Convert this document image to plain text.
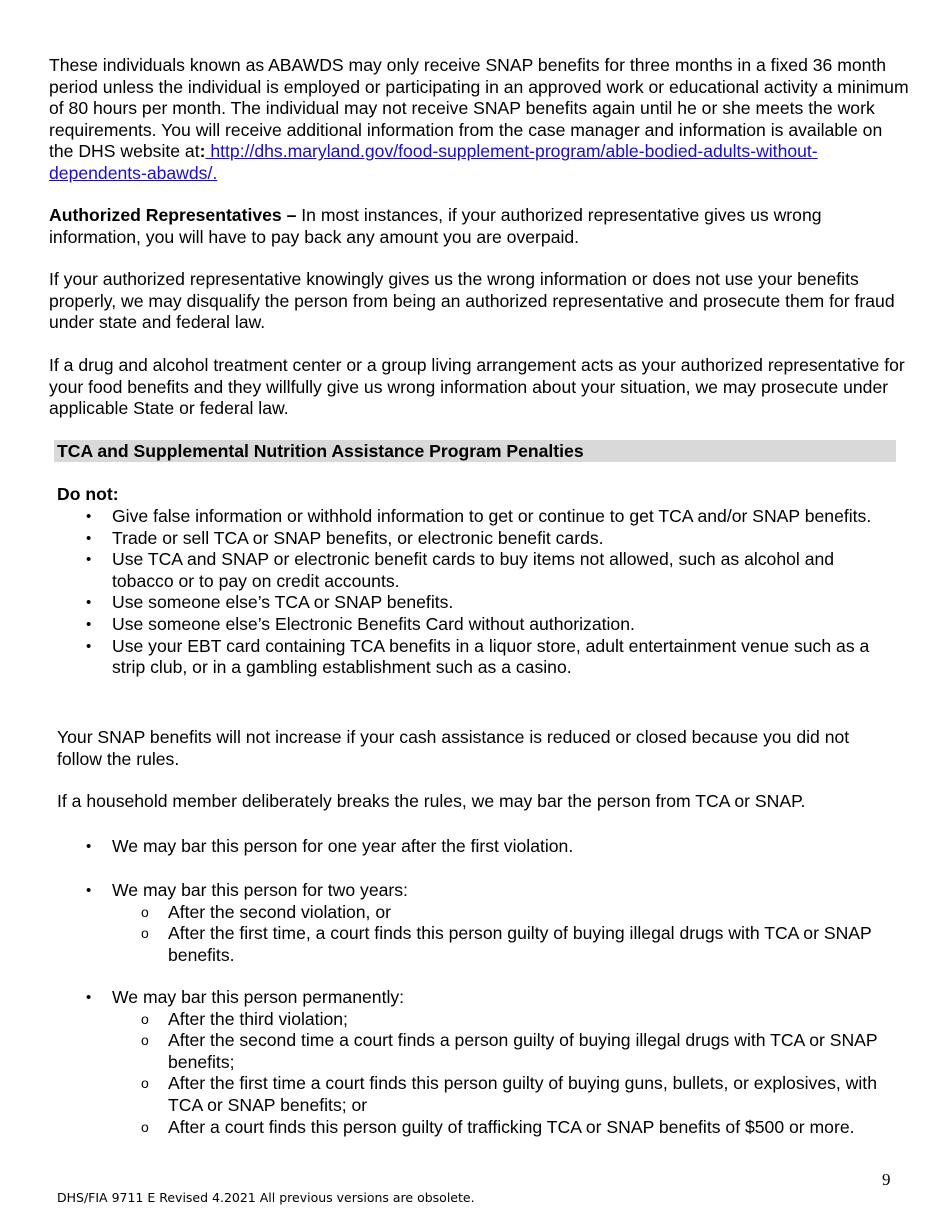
These individuals known as ABAWDS may only receive SNAP benefits for three months in a fixed 36 month period unless the individual is employed or participating in an approved work or educational activity a minimum of 80 hours per month. The individual may not receive SNAP benefits again until he or she meets the work requirements. You will receive additional information from the case manager and information is available on the DHS website at: http://dhs.maryland.gov/food-supplement-program/able-bodied-adults-without-dependents-abawds/.

Authorized Representatives – In most instances, if your authorized representative gives us wrong information, you will have to pay back any amount you are overpaid.

If your authorized representative knowingly gives us the wrong information or does not use your benefits properly, we may disqualify the person from being an authorized representative and prosecute them for fraud under state and federal law.

If a drug and alcohol treatment center or a group living arrangement acts as your authorized representative for your food benefits and they willfully give us wrong information about your situation, we may prosecute under applicable State or federal law.

TCA and Supplemental Nutrition Assistance Program Penalties
Do not:
• Give false information or withhold information to get or continue to get TCA and/or SNAP benefits.
• Trade or sell TCA or SNAP benefits, or electronic benefit cards.
• Use TCA and SNAP or electronic benefit cards to buy items not allowed, such as alcohol and tobacco or to pay on credit accounts.
• Use someone else’s TCA or SNAP benefits.
• Use someone else’s Electronic Benefits Card without authorization.
• Use your EBT card containing TCA benefits in a liquor store, adult entertainment venue such as a strip club, or in a gambling establishment such as a casino.

Your SNAP benefits will not increase if your cash assistance is reduced or closed because you did not follow the rules.

If a household member deliberately breaks the rules, we may bar the person from TCA or SNAP.

• We may bar this person for one year after the first violation.
• We may bar this person for two years:
o After the second violation, or
o After the first time, a court finds this person guilty of buying illegal drugs with TCA or SNAP benefits.
• We may bar this person permanently:
o After the third violation;
o After the second time a court finds a person guilty of buying illegal drugs with TCA or SNAP benefits;
o After the first time a court finds this person guilty of buying guns, bullets, or explosives, with TCA or SNAP benefits; or
o After a court finds this person guilty of trafficking TCA or SNAP benefits of $500 or more.
9
DHS/FIA 9711 E Revised 4.2021 All previous versions are obsolete.
